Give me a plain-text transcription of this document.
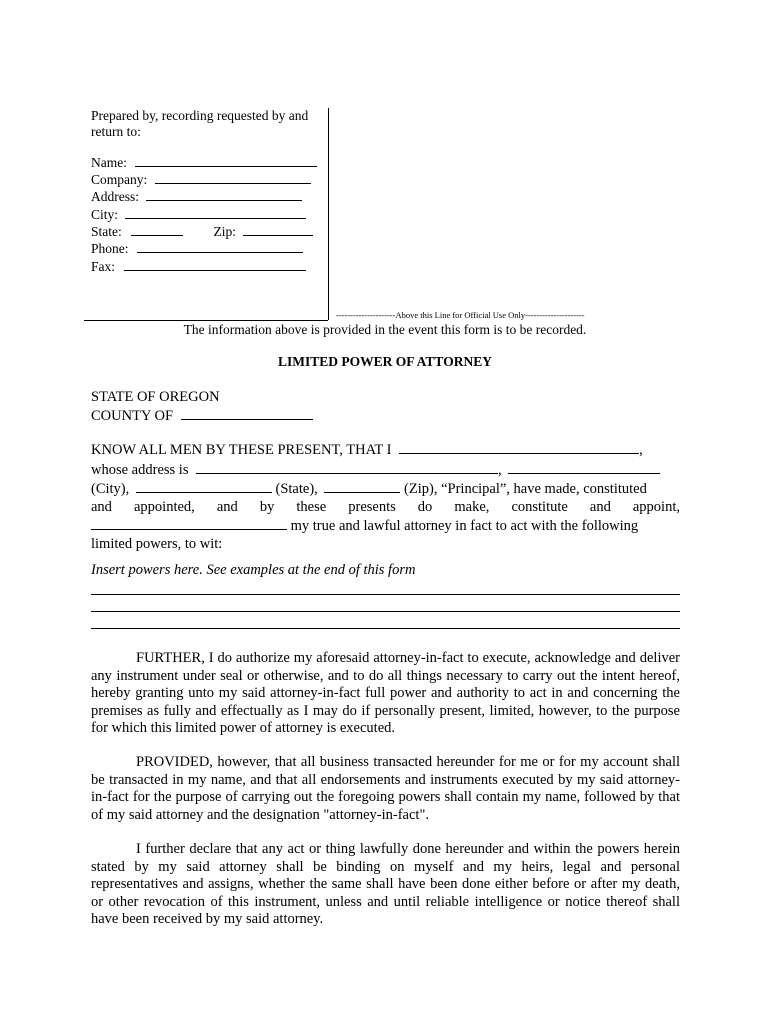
Prepared by, recording requested by and return to:
Name:
Company:
Address:
City:
State:	Zip:
Phone:
Fax:
---------------------Above this Line for Official Use Only---------------------
The information above is provided in the event this form is to be recorded.
LIMITED POWER OF ATTORNEY
STATE OF OREGON
COUNTY OF
KNOW ALL MEN BY THESE PRESENT, THAT I	,
whose address is	,
(City),	(State),	(Zip), “Principal”, have made, constituted
and appointed, and by these presents do make, constitute and appoint,
my true and lawful attorney in fact to act with the following
limited powers, to wit:
Insert powers here. See examples at the end of this form

FURTHER, I do authorize my aforesaid attorney-in-fact to execute, acknowledge and deliver any instrument under seal or otherwise, and to do all things necessary to carry out the intent hereof, hereby granting unto my said attorney-in-fact full power and authority to act in and concerning the premises as fully and effectually as I may do if personally present, limited, however, to the purpose for which this limited power of attorney is executed.

PROVIDED, however, that all business transacted hereunder for me or for my account shall be transacted in my name, and that all endorsements and instruments executed by my said attorney-in-fact for the purpose of carrying out the foregoing powers shall contain my name, followed by that of my said attorney and the designation "attorney-in-fact".

I further declare that any act or thing lawfully done hereunder and within the powers herein stated by my said attorney shall be binding on myself and my heirs, legal and personal representatives and assigns, whether the same shall have been done either before or after my death, or other revocation of this instrument, unless and until reliable intelligence or notice thereof shall have been received by my said attorney.
